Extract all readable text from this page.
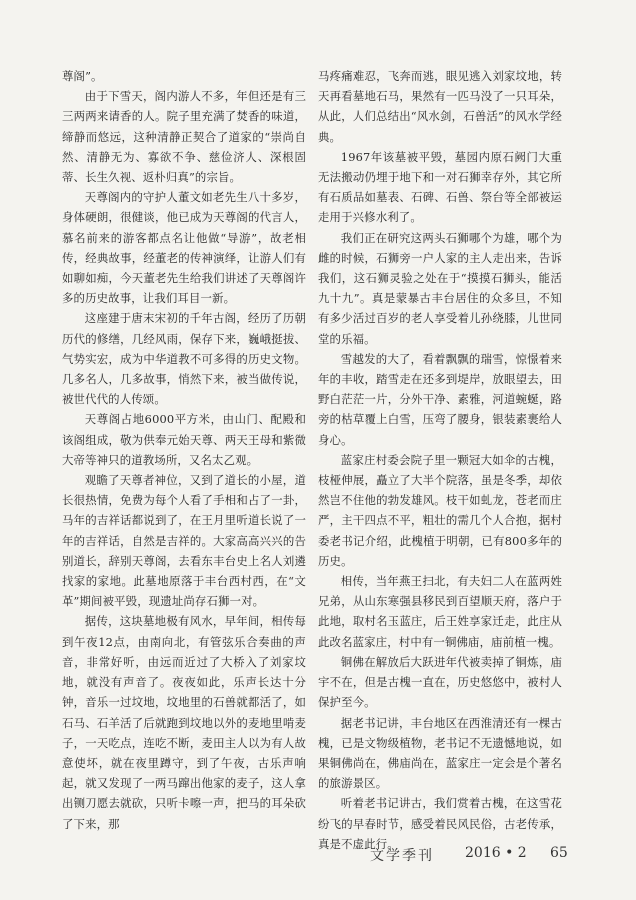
尊阁”。

由于下雪天，阁内游人不多，年但还是有三三两两来请香的人。院子里充满了焚香的味道，缔静而悠远，这种清静正契合了道家的“崇尚自然、清静无为、寡欲不争、慈俭济人、深根固蒂、长生久视、返朴归真”的宗旨。

天尊阁内的守护人董文如老先生八十多岁，身体硬朗，很健谈，他已成为天尊阁的代言人，慕名前来的游客都点名让他做“导游”，故老相传，经典故事，经董老的传神演绎，让游人们有如聊如痴，今天董老先生给我们讲述了天尊阁许多的历史故事，让我们耳目一新。

这座建于唐末宋初的千年古阁，经历了历朝历代的修缮，几经风雨，保存下来，巍峨挺拔、气势实宏，成为中华道教不可多得的历史文物。几多名人，几多故事，悄然下来，被当做传说，被世代代的人传颂。

天尊阁占地6000平方米，由山门、配殿和该阁组成，敬为供奉元始天尊、两天王母和紫微大帝等神只的道教场所，又名太乙观。

观瞻了天尊者神位，又到了道长的小屋，道长很热情，免费为每个人看了手相和占了一卦，马年的吉祥话都说到了，在王月里听道长说了一年的吉祥话，自然是吉祥的。大家高高兴兴的告别道长，辞别天尊阁，去看东丰台史上名人刘遴找家的家地。此墓地原落于丰台西村西，在“文革”期间被平毁，现遗址尚存石狮一对。

据传，这块墓地极有风水，早年间，相传每到午夜12点，由南向北，有管弦乐合奏曲的声音，非常好听，由远而近过了大桥入了刘家坟地，就没有声音了。夜夜如此，乐声长达十分钟，音乐一过坟地，坟地里的石兽就都活了，如石马、石羊活了后就跑到坟地以外的麦地里啃麦子，一天吃点，连吃不断，麦田主人以为有人故意使坏，就在夜里蹲守，到了午夜，古乐声响起，就又发现了一两马蹿出他家的麦子，这人拿出铡刀愿去就砍，只听卡嚓一声，把马的耳朵砍了下来，那

马疼痛难忍，飞奔而逃，眼见逃入刘家坟地，转天再看墓地石马，果然有一匹马没了一只耳朵，从此，人们总结出“风水剑，石兽活”的风水学经典。

1967年该墓被平毁，墓园内原石阙门大重无法搬动仍埋于地下和一对石狮幸存外，其它所有石质品如墓表、石碑、石兽、祭台等全部被运走用于兴修水利了。

我们正在研究这两头石狮哪个为雄，哪个为雌的时候，石狮旁一户人家的主人走出来，告诉我们，这石狮灵验之处在于“摸摸石狮头，能活九十九”。真是蒙暴古丰台居住的众多旦，不知有多少活过百岁的老人享受着儿孙绕膝，儿世同堂的乐福。

雪越发的大了，看着飘飘的瑞雪，惊憬着来年的丰收，踏雪走在还多到堤岸，放眼望去，田野白茫茫一片，分外干净、素雅，河道蜿蜒，路旁的枯草覆上白雪，压弯了腰身，银装素裹给人身心。

蓝家庄村委会院子里一颗冠大如伞的古槐，枝桠伸展，矗立了大半个院落，虽是冬季，却依然岂不住他的勃发雄风。枝干如虬龙，苍老而庄严，主干四点不平，粗壮的需几个人合抱，据村委老书记介绍，此槐植于明朝，已有800多年的历史。

相传，当年燕王扫北，有夫妇二人在蓝两姓兄弟，从山东寒强县移民到百望顺天府，落户于此地，取村名玉蓝庄，后王姓享家迁走，此庄从此改名蓝家庄，村中有一铜佛庙，庙前植一槐。

铜佛在解放后大跃进年代被卖掉了铜炼，庙宇不在，但是古槐一直在，历史悠悠中，被村人保护至今。

据老书记讲，丰台地区在西淮清还有一棵古槐，已是文物级植物，老书记不无遗憾地说，如果铜佛尚在，佛庙尚在，蓝家庄一定会是个著名的旅游景区。

听着老书记讲古，我们赏着古槐，在这雪花纷飞的早春时节，感受着民风民俗，古老传承，真是不虚此行。

文学季刊 2016 • 2 65
